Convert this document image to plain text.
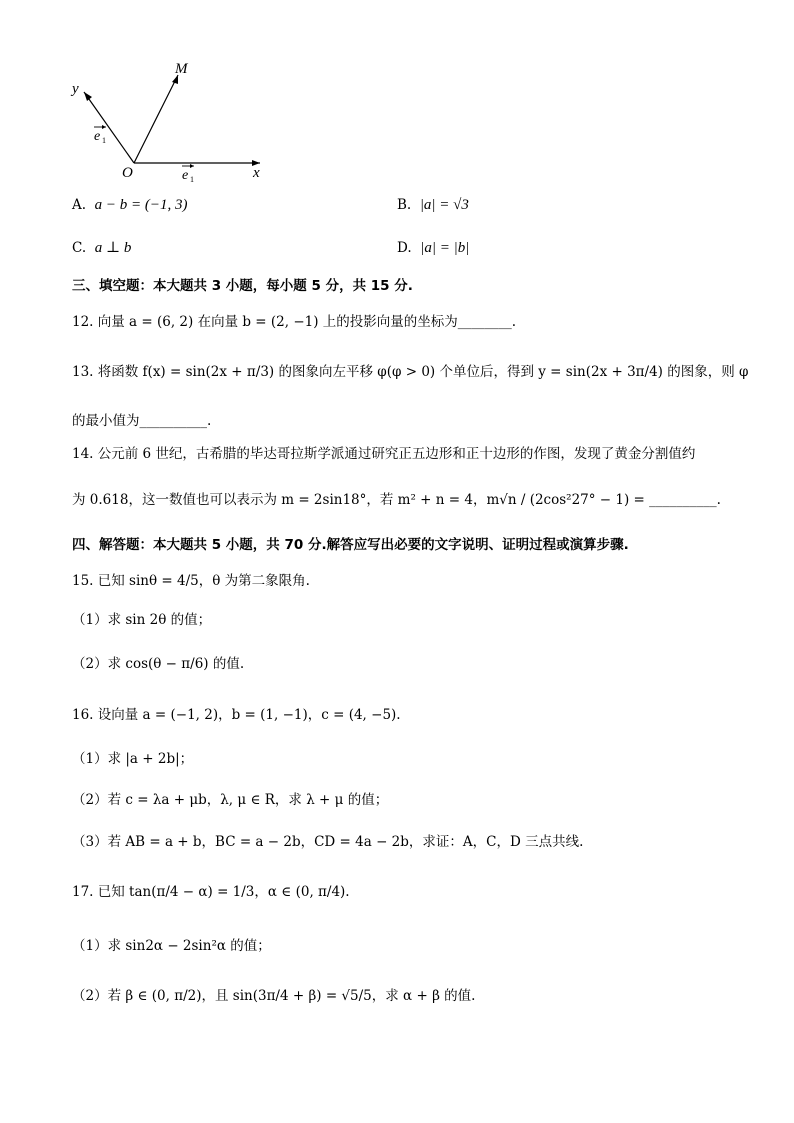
y
M
O	x
e 1
e 1
A. a − b = (−1, 3)	B. |a| = √3
C. a ⊥ b	D. |a| = |b|
三、填空题：本大题共 3 小题，每小题 5 分，共 15 分.
12. 向量 a = (6, 2) 在向量 b = (2, −1) 上的投影向量的坐标为________.
13. 将函数 f(x) = sin(2x + π/3) 的图象向左平移 φ(φ > 0) 个单位后，得到 y = sin(2x + 3π/4) 的图象，则 φ
的最小值为__________.
14. 公元前 6 世纪，古希腊的毕达哥拉斯学派通过研究正五边形和正十边形的作图，发现了黄金分割值约
为 0.618，这一数值也可以表示为 m = 2sin18°，若 m² + n = 4，m√n / (2cos²27° − 1) = __________.
四、解答题：本大题共 5 小题，共 70 分.解答应写出必要的文字说明、证明过程或演算步骤.
15. 已知 sinθ = 4/5，θ 为第二象限角.
（1）求 sin 2θ 的值；
（2）求 cos(θ − π/6) 的值.
16. 设向量 a = (−1, 2)，b = (1, −1)，c = (4, −5).
（1）求 |a + 2b|；
（2）若 c = λa + μb，λ, μ ∈ R，求 λ + μ 的值；
（3）若 AB = a + b，BC = a − 2b，CD = 4a − 2b，求证：A，C，D 三点共线.
17. 已知 tan(π/4 − α) = 1/3，α ∈ (0, π/4).
（1）求 sin2α − 2sin²α 的值；
（2）若 β ∈ (0, π/2)，且 sin(3π/4 + β) = √5/5，求 α + β 的值.
